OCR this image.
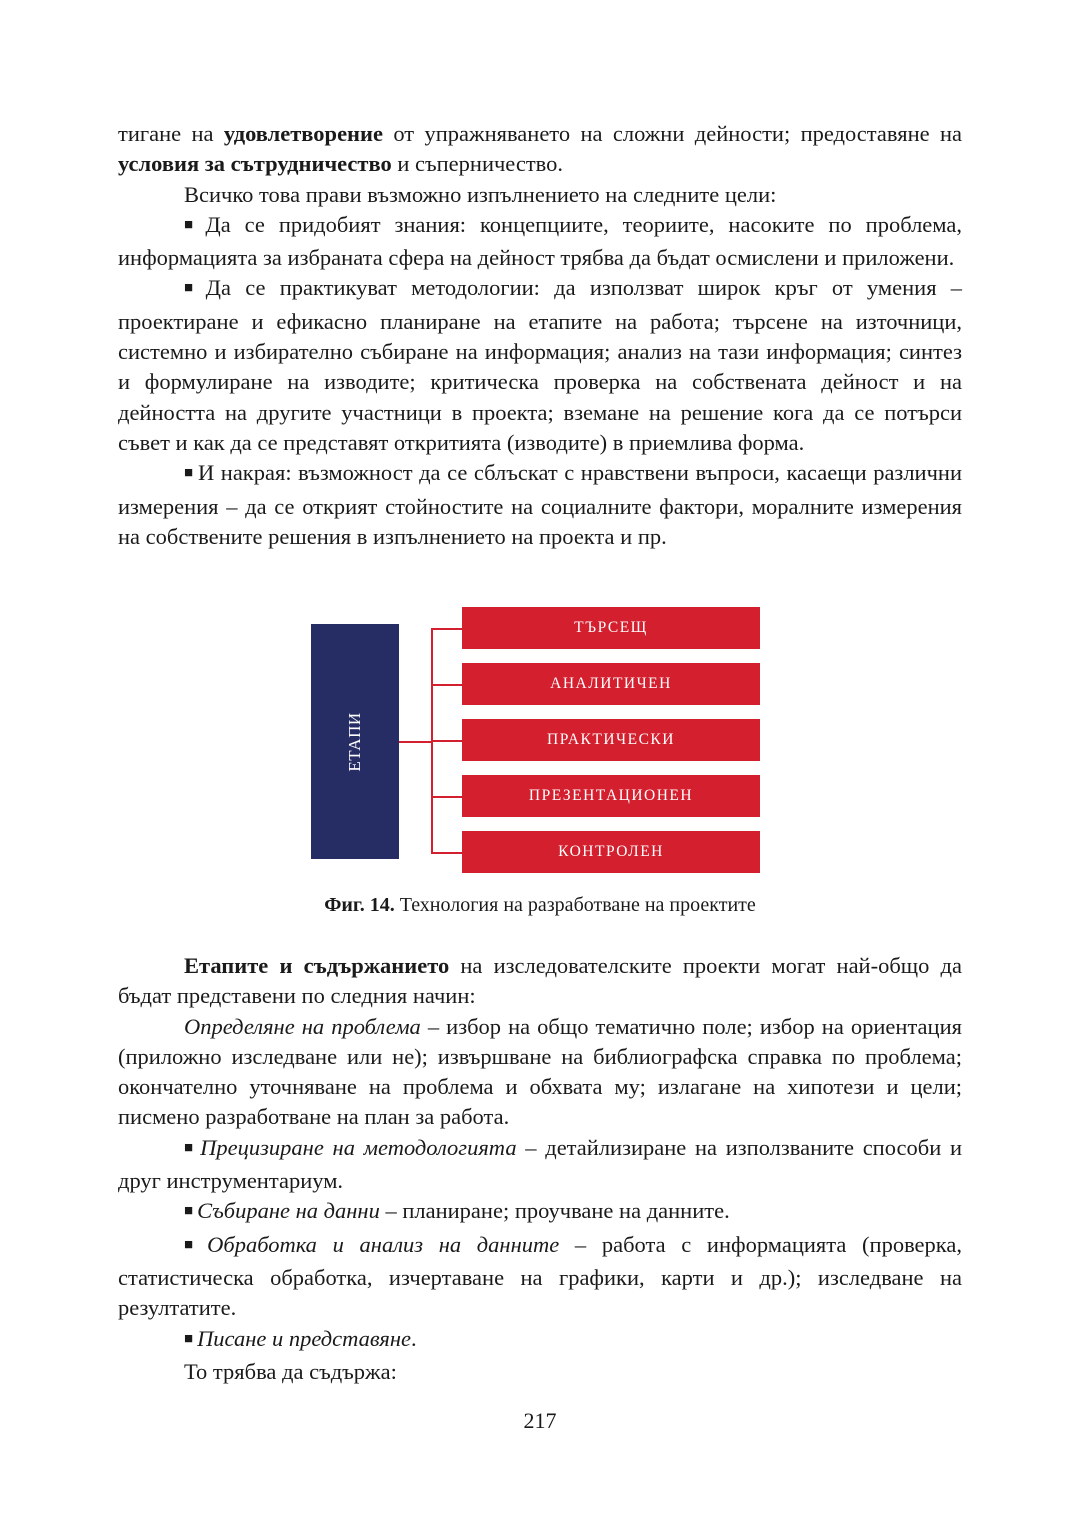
тигане на удовлетворение от упражняването на сложни дейности; предоставяне на условия за сътрудничество и съперничество.

Всичко това прави възможно изпълнението на следните цели:

■ Да се придобият знания: концепциите, теориите, насоките по проблема, информацията за избраната сфера на дейност трябва да бъдат осмислени и приложени.

■ Да се практикуват методологии: да използват широк кръг от умения – проектиране и ефикасно планиране на етапите на работа; търсене на източници, системно и избирателно събиране на информация; анализ на тази информация; синтез и формулиране на изводите; критическа проверка на собствената дейност и на дейността на другите участници в проекта; вземане на решение кога да се потърси съвет и как да се представят откритията (изводите) в приемлива форма.

■ И накрая: възможност да се сблъскат с нравствени въпроси, касаещи различни измерения – да се открият стойностите на социалните фактори, моралните измерения на собствените решения в изпълнението на проекта и пр.

ЕТАПИ
ТЪРСЕЩ
АНАЛИТИЧЕН
ПРАКТИЧЕСКИ
ПРЕЗЕНТАЦИОНЕН
КОНТРОЛЕН
Фиг. 14. Технология на разработване на проектите

Етапите и съдържанието на изследователските проекти могат най-общо да бъдат представени по следния начин:

Определяне на проблема – избор на общо тематично поле; избор на ориентация (приложно изследване или не); извършване на библиографска справка по проблема; окончателно уточняване на проблема и обхвата му; излагане на хипотези и цели; писмено разработване на план за работа.

■ Прецизиране на методологията – детайлизиране на използваните способи и друг инструментариум.

■ Събиране на данни – планиране; проучване на данните.

■ Обработка и анализ на данните – работа с информацията (проверка, статистическа обработка, изчертаване на графики, карти и др.); изследване на резултатите.

■ Писане и представяне.

То трябва да съдържа:

217
